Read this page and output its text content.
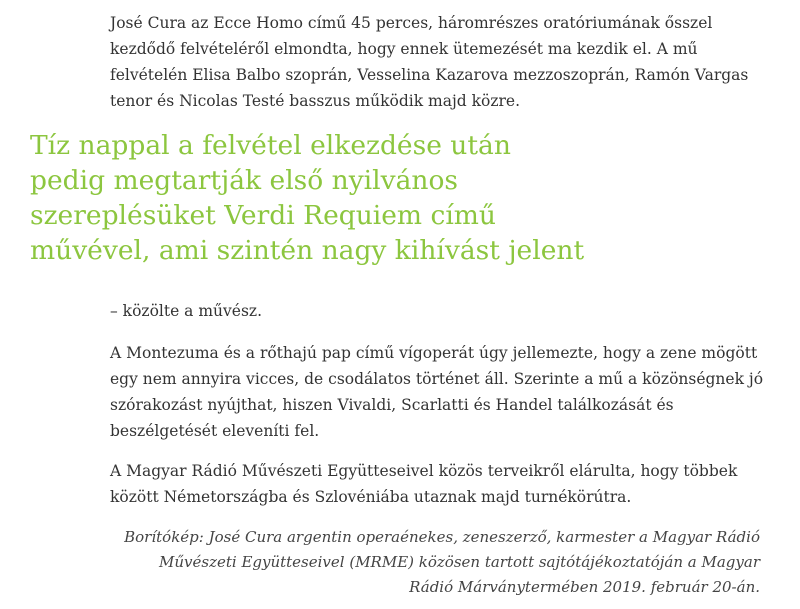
José Cura az Ecce Homo című 45 perces, háromrészes oratóriumának ősszel kezdődő felvételéről elmondta, hogy ennek ütemezését ma kezdik el. A mű felvételén Elisa Balbo szoprán, Vesselina Kazarova mezzoszoprán, Ramón Vargas tenor és Nicolas Testé basszus működik majd közre.

Tíz nappal a felvétel elkezdése után pedig megtartják első nyilvános szereplésüket Verdi Requiem című művével, ami szintén nagy kihívást jelent

– közölte a művész.

A Montezuma és a rőthajú pap című vígoperát úgy jellemezte, hogy a zene mögött egy nem annyira vicces, de csodálatos történet áll. Szerinte a mű a közönségnek jó szórakozást nyújthat, hiszen Vivaldi, Scarlatti és Handel találkozását és beszélgetését eleveníti fel.

A Magyar Rádió Művészeti Együtteseivel közös terveikről elárulta, hogy többek között Németországba és Szlovéniába utaznak majd turnékörútra.

Borítókép: José Cura argentin operaénekes, zeneszerző, karmester a Magyar Rádió Művészeti Együtteseivel (MRME) közösen tartott sajtótájékoztatóján a Magyar Rádió Márványtermében 2019. február 20-án.
